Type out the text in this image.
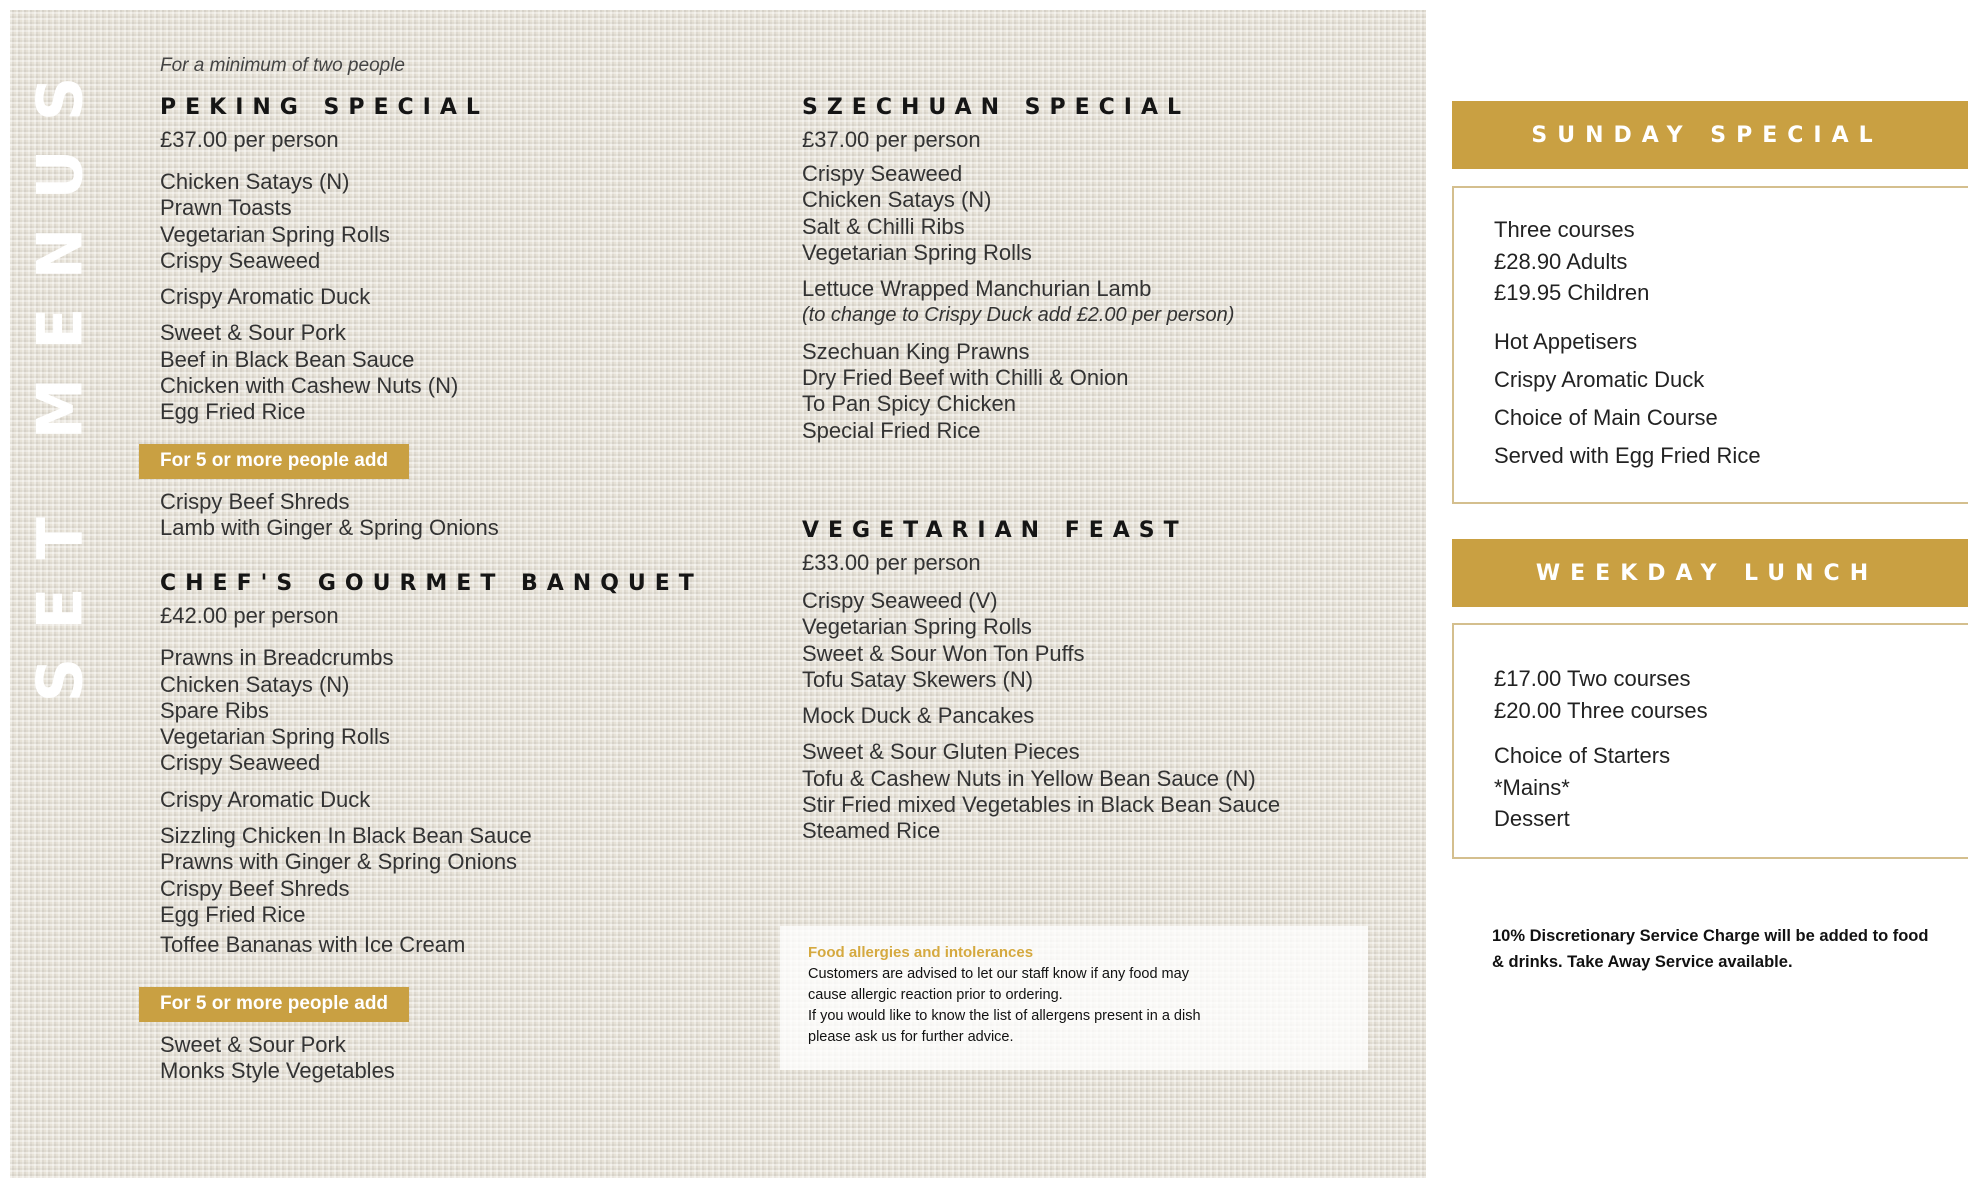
SET MENUS	For a minimum of two people
PEKING SPECIAL
£37.00 per person
Chicken Satays (N)
Prawn Toasts
Vegetarian Spring Rolls
Crispy Seaweed
Crispy Aromatic Duck
Sweet & Sour Pork
Beef in Black Bean Sauce
Chicken with Cashew Nuts (N)
Egg Fried Rice
For 5 or more people add
Crispy Beef Shreds
Lamb with Ginger & Spring Onions
CHEF'S GOURMET BANQUET
£42.00 per person
Prawns in Breadcrumbs
Chicken Satays (N)
Spare Ribs
Vegetarian Spring Rolls
Crispy Seaweed
Crispy Aromatic Duck
Sizzling Chicken In Black Bean Sauce
Prawns with Ginger & Spring Onions
Crispy Beef Shreds
Egg Fried Rice
Toffee Bananas with Ice Cream
For 5 or more people add
Sweet & Sour Pork
Monks Style Vegetables
SZECHUAN SPECIAL
£37.00 per person
Crispy Seaweed
Chicken Satays (N)
Salt & Chilli Ribs
Vegetarian Spring Rolls
Lettuce Wrapped Manchurian Lamb
(to change to Crispy Duck add £2.00 per person)
Szechuan King Prawns
Dry Fried Beef with Chilli & Onion
To Pan Spicy Chicken
Special Fried Rice
VEGETARIAN FEAST
£33.00 per person
Crispy Seaweed (V)
Vegetarian Spring Rolls
Sweet & Sour Won Ton Puffs
Tofu Satay Skewers (N)
Mock Duck & Pancakes
Sweet & Sour Gluten Pieces
Tofu & Cashew Nuts in Yellow Bean Sauce (N)
Stir Fried mixed Vegetables in Black Bean Sauce
Steamed Rice
Food allergies and intolerances
Customers are advised to let our staff know if any food may
cause allergic reaction prior to ordering.
If you would like to know the list of allergens present in a dish
please ask us for further advice.
SUNDAY SPECIAL
Three courses
£28.90 Adults
£19.95 Children
Hot Appetisers
Crispy Aromatic Duck
Choice of Main Course
Served with Egg Fried Rice
WEEKDAY LUNCH
£17.00 Two courses
£20.00 Three courses
Choice of Starters
*Mains*
Dessert
10% Discretionary Service Charge will be added to food
& drinks. Take Away Service available.
